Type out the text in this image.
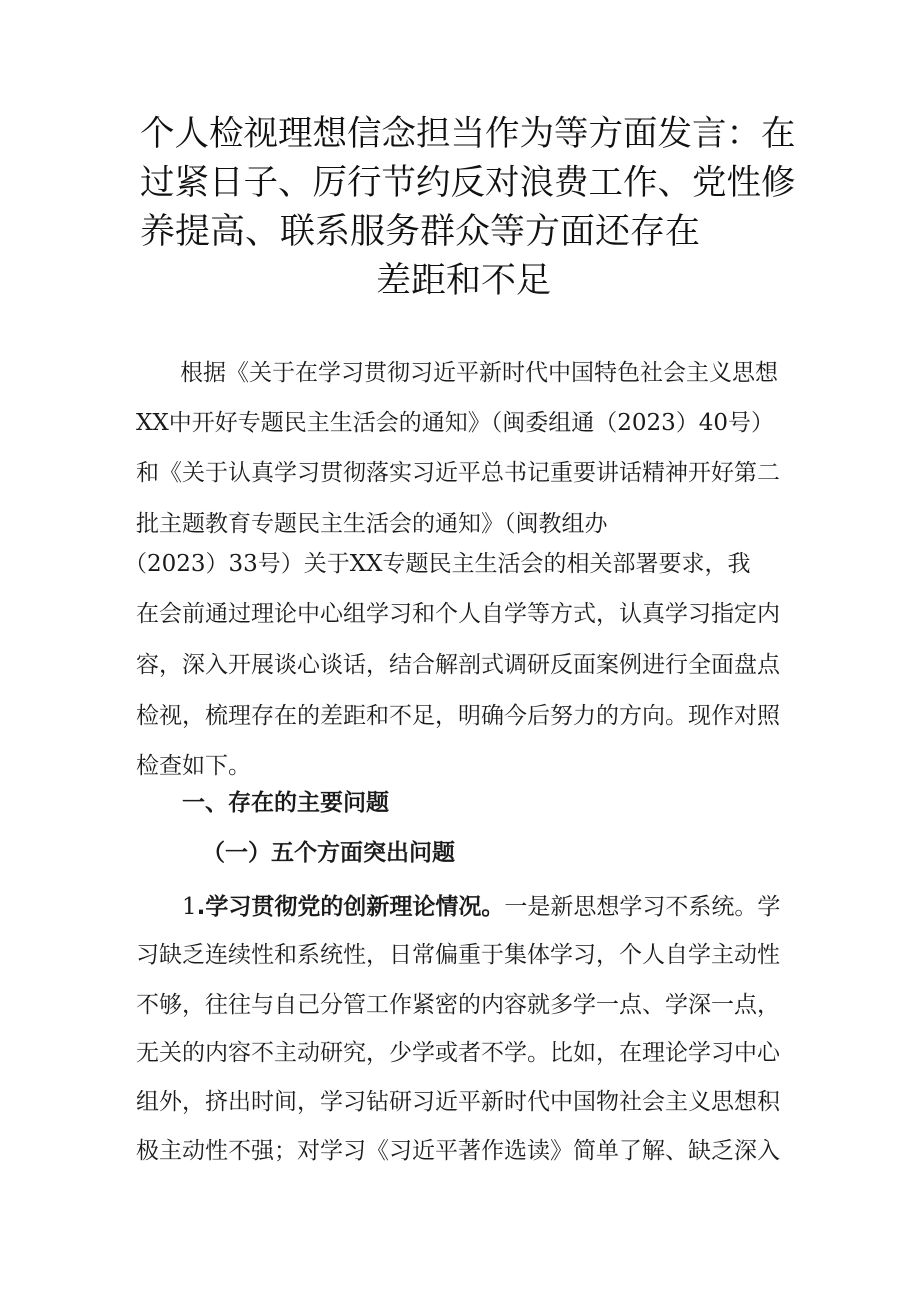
个人检视理想信念担当作为等方面发言：在
过紧日子、厉行节约反对浪费工作、党性修
养提高、联系服务群众等方面还存在
差距和不足
根据《关于在学习贯彻习近平新时代中国特色社会主义思想
XX中开好专题民主生活会的通知》（闽委组通（2023）40号）
和《关于认真学习贯彻落实习近平总书记重要讲话精神开好第二
批主题教育专题民主生活会的通知》（闽教组办
（2023）33号）关于XX专题民主生活会的相关部署要求，我
在会前通过理论中心组学习和个人自学等方式，认真学习指定内
容，深入开展谈心谈话，结合解剖式调研反面案例进行全面盘点
检视，梳理存在的差距和不足，明确今后努力的方向。现作对照
检查如下。
一、存在的主要问题
（一）五个方面突出问题
1.学习贯彻党的创新理论情况。一是新思想学习不系统。学
习缺乏连续性和系统性，日常偏重于集体学习，个人自学主动性
不够，往往与自己分管工作紧密的内容就多学一点、学深一点，
无关的内容不主动研究，少学或者不学。比如，在理论学习中心
组外，挤出时间，学习钻研习近平新时代中国物社会主义思想积
极主动性不强；对学习《习近平著作选读》简单了解、缺乏深入
